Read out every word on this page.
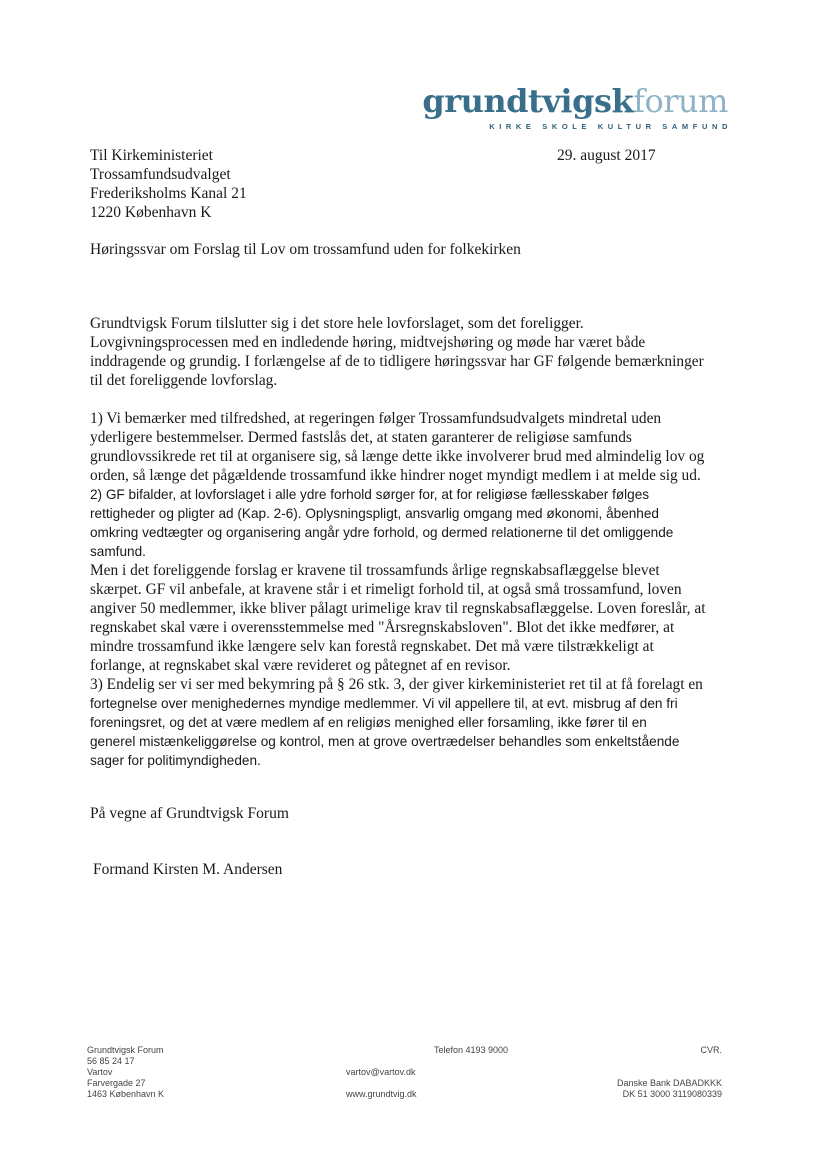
grundtvigskforum
KIRKE SKOLE KULTUR SAMFUND
Til Kirkeministeriet
Trossamfundsudvalget
Frederiksholms Kanal 21
1220 København K
29. august 2017
Høringssvar om Forslag til Lov om trossamfund uden for folkekirken
Grundtvigsk Forum tilslutter sig i det store hele lovforslaget, som det foreligger.
Lovgivningsprocessen med en indledende høring, midtvejshøring og møde har været både
inddragende og grundig. I forlængelse af de to tidligere høringssvar har GF følgende bemærkninger
til det foreliggende lovforslag.
1) Vi bemærker med tilfredshed, at regeringen følger Trossamfundsudvalgets mindretal uden
yderligere bestemmelser. Dermed fastslås det, at staten garanterer de religiøse samfunds
grundlovssikrede ret til at organisere sig, så længe dette ikke involverer brud med almindelig lov og
orden, så længe det pågældende trossamfund ikke hindrer noget myndigt medlem i at melde sig ud.
2) GF bifalder, at lovforslaget i alle ydre forhold sørger for, at for religiøse fællesskaber følges
rettigheder og pligter ad (Kap. 2-6). Oplysningspligt, ansvarlig omgang med økonomi, åbenhed
omkring vedtægter og organisering angår ydre forhold, og dermed relationerne til det omliggende
samfund.
Men i det foreliggende forslag er kravene til trossamfunds årlige regnskabsaflæggelse blevet
skærpet. GF vil anbefale, at kravene står i et rimeligt forhold til, at også små trossamfund, loven
angiver 50 medlemmer, ikke bliver pålagt urimelige krav til regnskabsaflæggelse. Loven foreslår, at
regnskabet skal være i overensstemmelse med "Årsregnskabsloven". Blot det ikke medfører, at
mindre trossamfund ikke længere selv kan forestå regnskabet. Det må være tilstrækkeligt at
forlange, at regnskabet skal være revideret og påtegnet af en revisor.
3) Endelig ser vi ser med bekymring på § 26 stk. 3, der giver kirkeministeriet ret til at få forelagt en
fortegnelse over menighedernes myndige medlemmer. Vi vil appellere til, at evt. misbrug af den fri
foreningsret, og det at være medlem af en religiøs menighed eller forsamling, ikke fører til en
generel mistænkeliggørelse og kontrol, men at grove overtrædelser behandles som enkeltstående
sager for politimyndigheden.
På vegne af Grundtvigsk Forum
Formand Kirsten M. Andersen
Grundtvigsk Forum
56 85 24 17
Vartov
Farvergade 27
1463 København K
Telefon 4193 9000
vartov@vartov.dk
www.grundtvig.dk
CVR.
Danske Bank DABADKKK
DK 51 3000 3119080339
